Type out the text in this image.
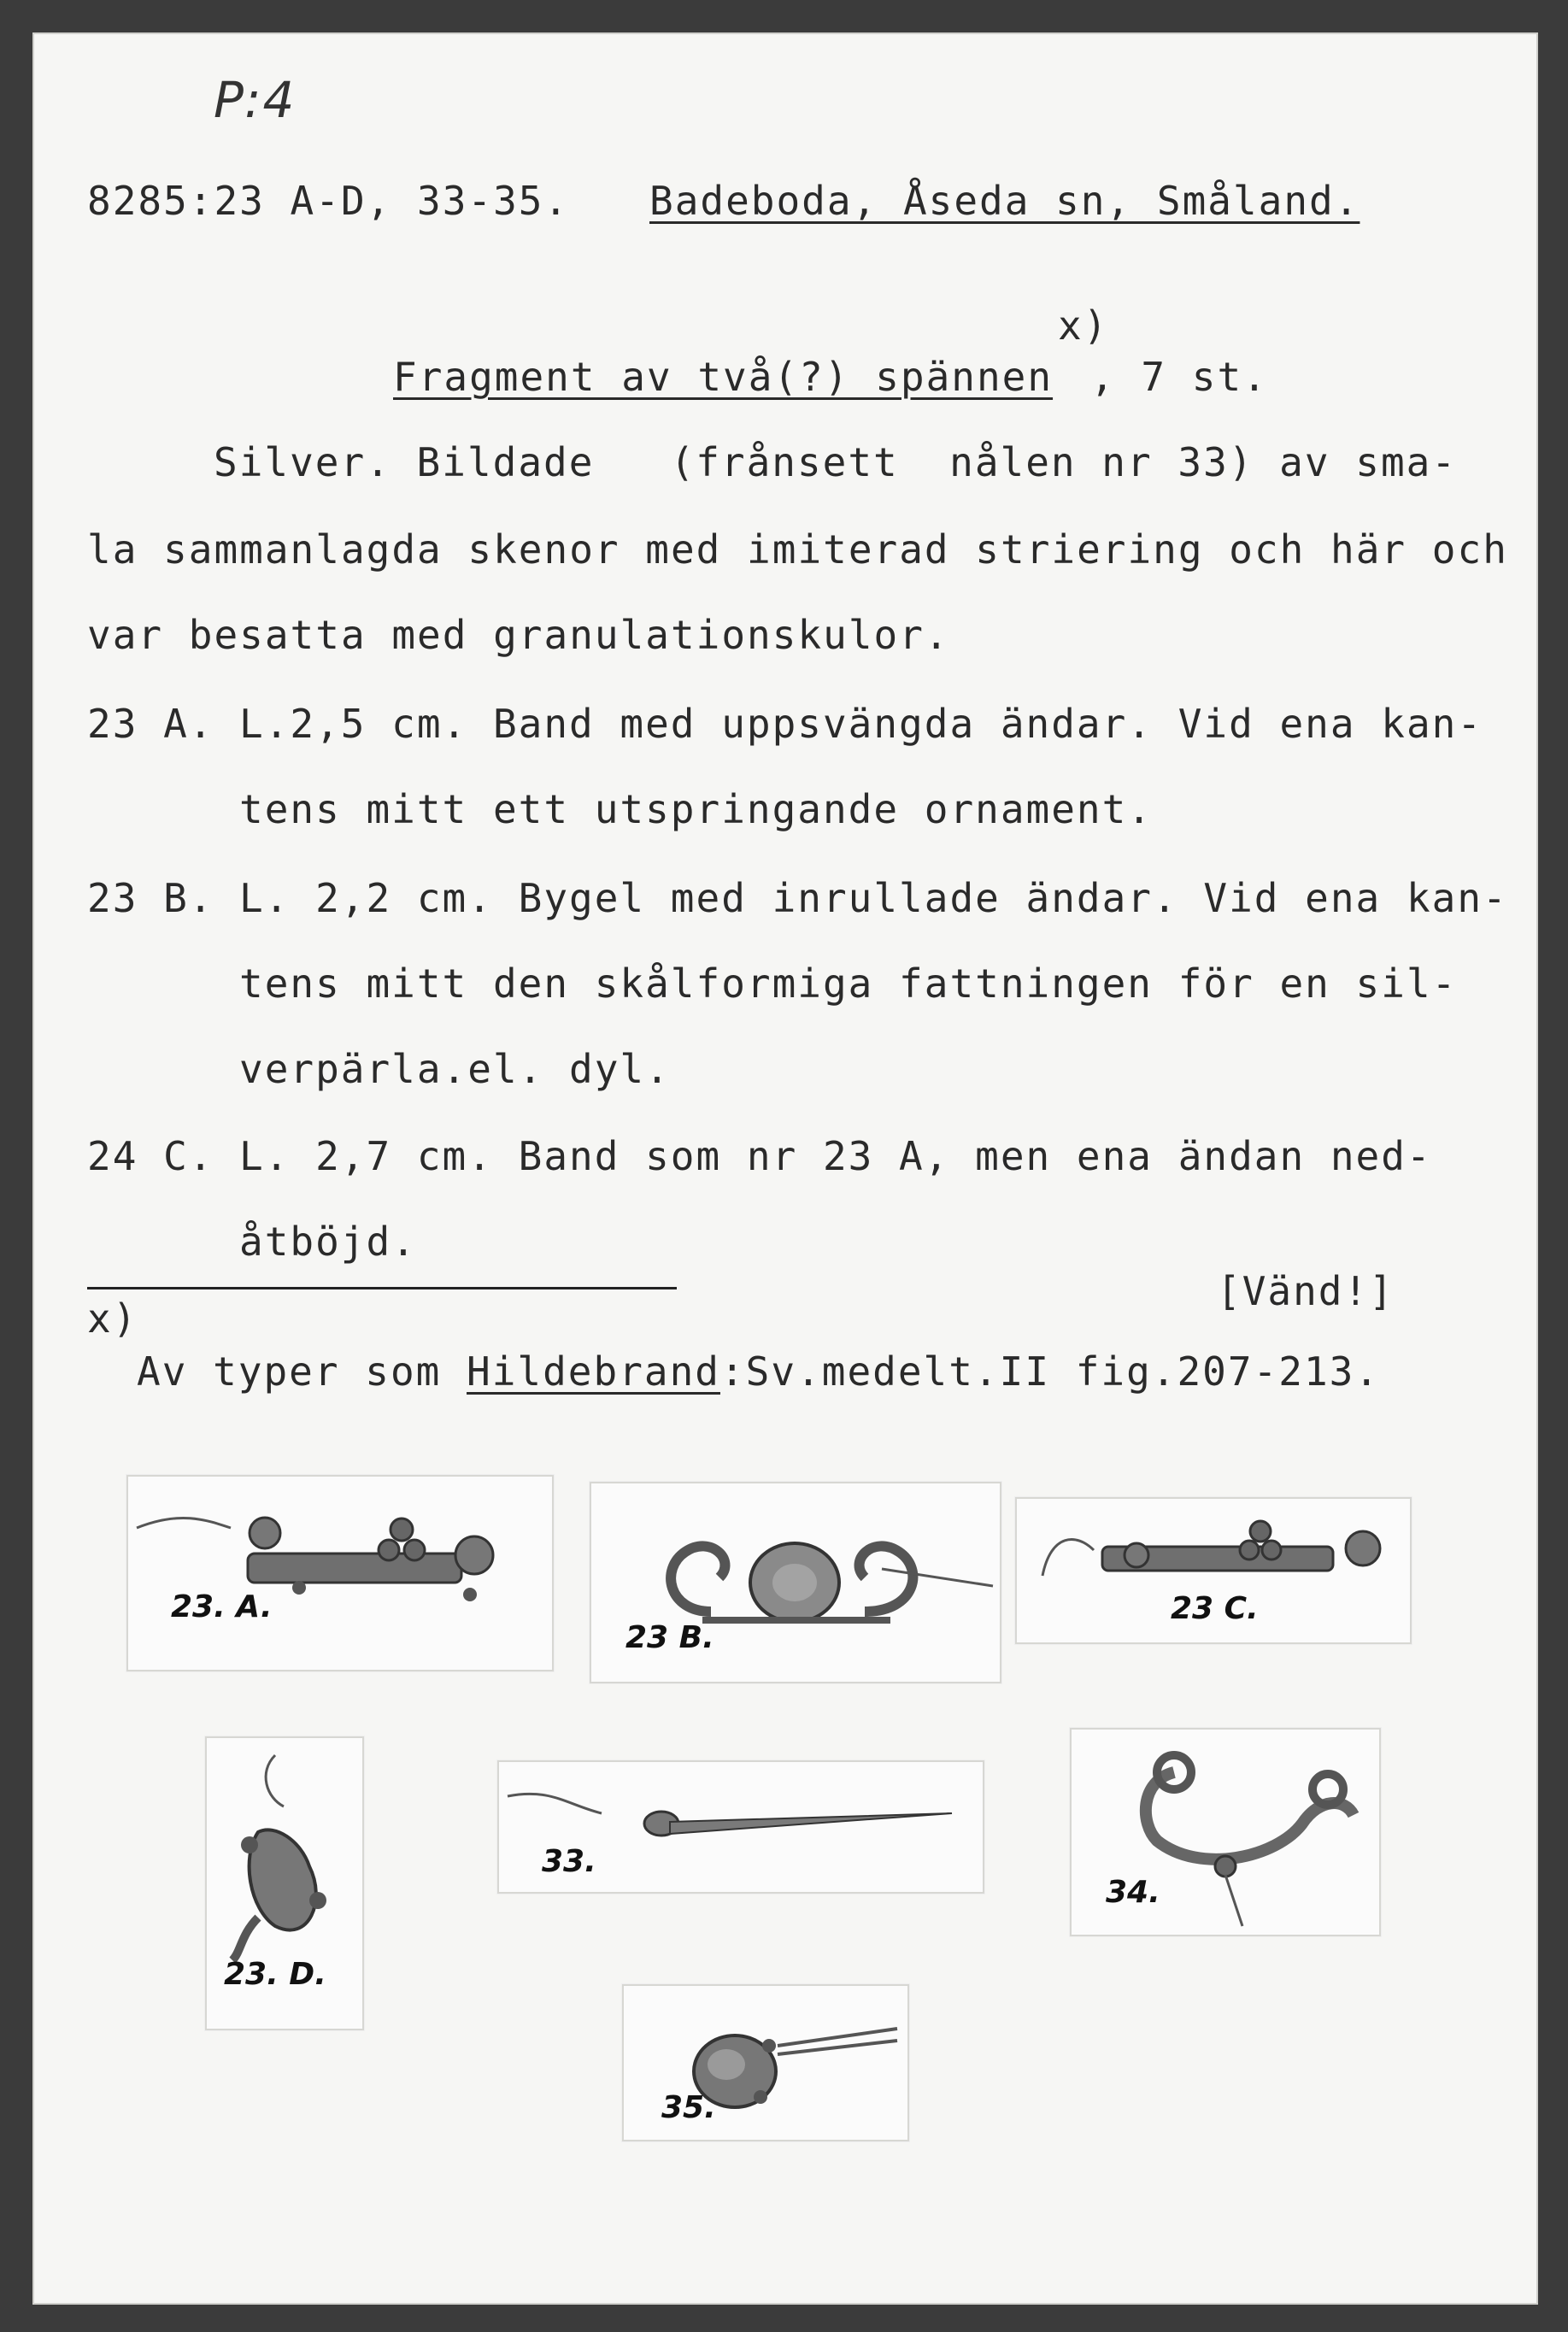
P:4
8285:23 A-D, 33-35. Badeboda, Åseda sn, Småland.
x)
Fragment av två(?) spännen , 7 st.
Silver. Bildade   (frånsett  nålen nr 33) av sma-
la sammanlagda skenor med imiterad striering och här och
var besatta med granulationskulor.
23 A. L.2,5 cm. Band med uppsvängda ändar. Vid ena kan-
tens mitt ett utspringande ornament.
23 B. L. 2,2 cm. Bygel med inrullade ändar. Vid ena kan-
tens mitt den skålformiga fattningen för en sil-
verpärla.el. dyl.
24 C. L. 2,7 cm. Band som nr 23 A, men ena ändan ned-
åtböjd.
[Vänd!]
x)
Av typer som Hildebrand:Sv.medelt.II fig.207-213.
23. A.
23 B.
23 C.
23. D.
33.
34.
35.
